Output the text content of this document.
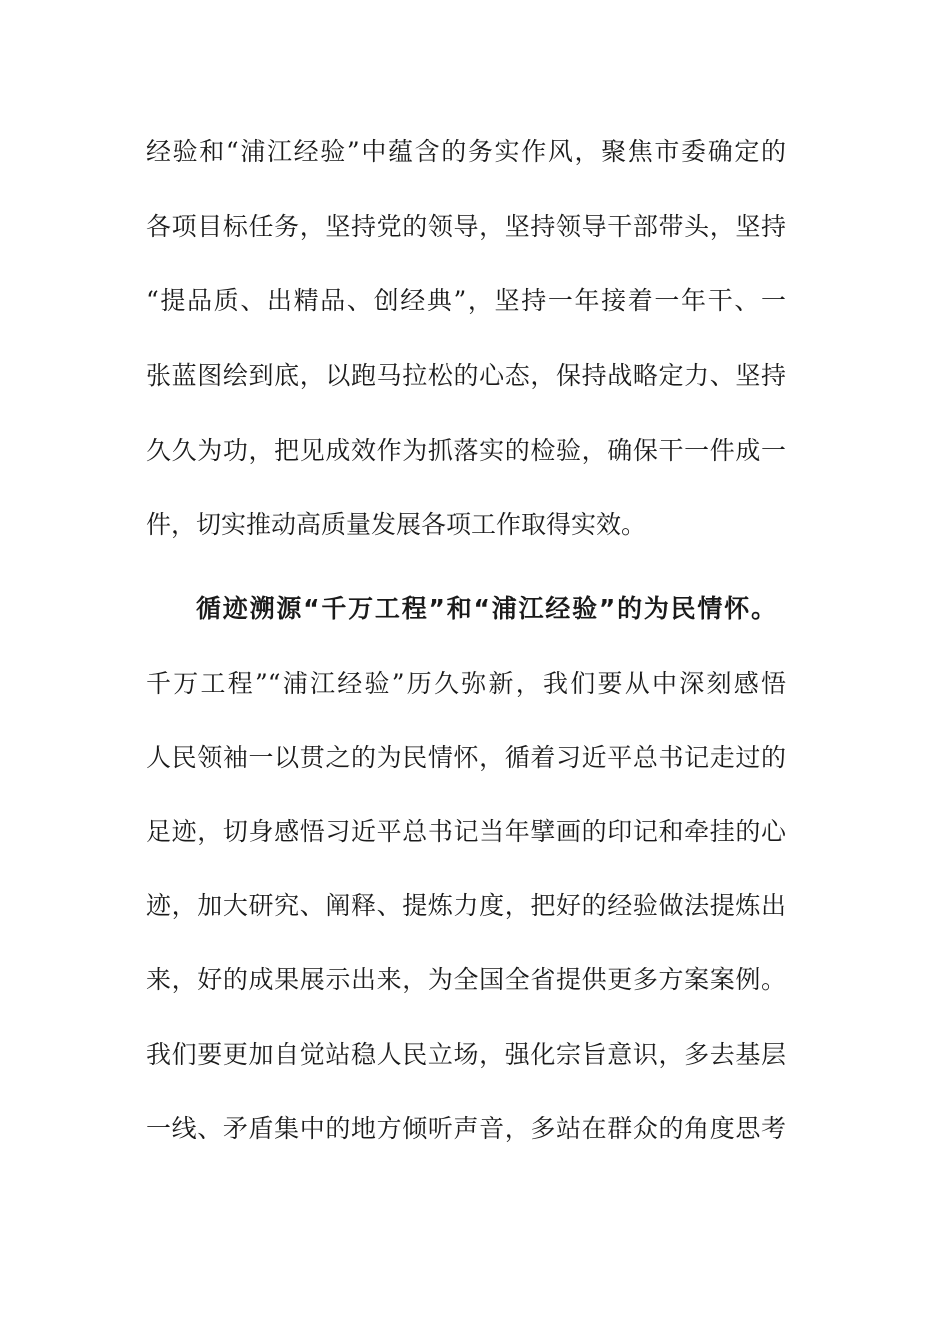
经验和“浦江经验”中蕴含的务实作风，聚焦市委确定的
各项目标任务，坚持党的领导，坚持领导干部带头，坚持
“提品质、出精品、创经典”，坚持一年接着一年干、一
张蓝图绘到底，以跑马拉松的心态，保持战略定力、坚持
久久为功，把见成效作为抓落实的检验，确保干一件成一
件，切实推动高质量发展各项工作取得实效。
循迹溯源“千万工程”和“浦江经验”的为民情怀。
千万工程”“浦江经验”历久弥新，我们要从中深刻感悟
人民领袖一以贯之的为民情怀，循着习近平总书记走过的
足迹，切身感悟习近平总书记当年擘画的印记和牵挂的心
迹，加大研究、阐释、提炼力度，把好的经验做法提炼出
来，好的成果展示出来，为全国全省提供更多方案案例。
我们要更加自觉站稳人民立场，强化宗旨意识，多去基层
一线、矛盾集中的地方倾听声音，多站在群众的角度思考
